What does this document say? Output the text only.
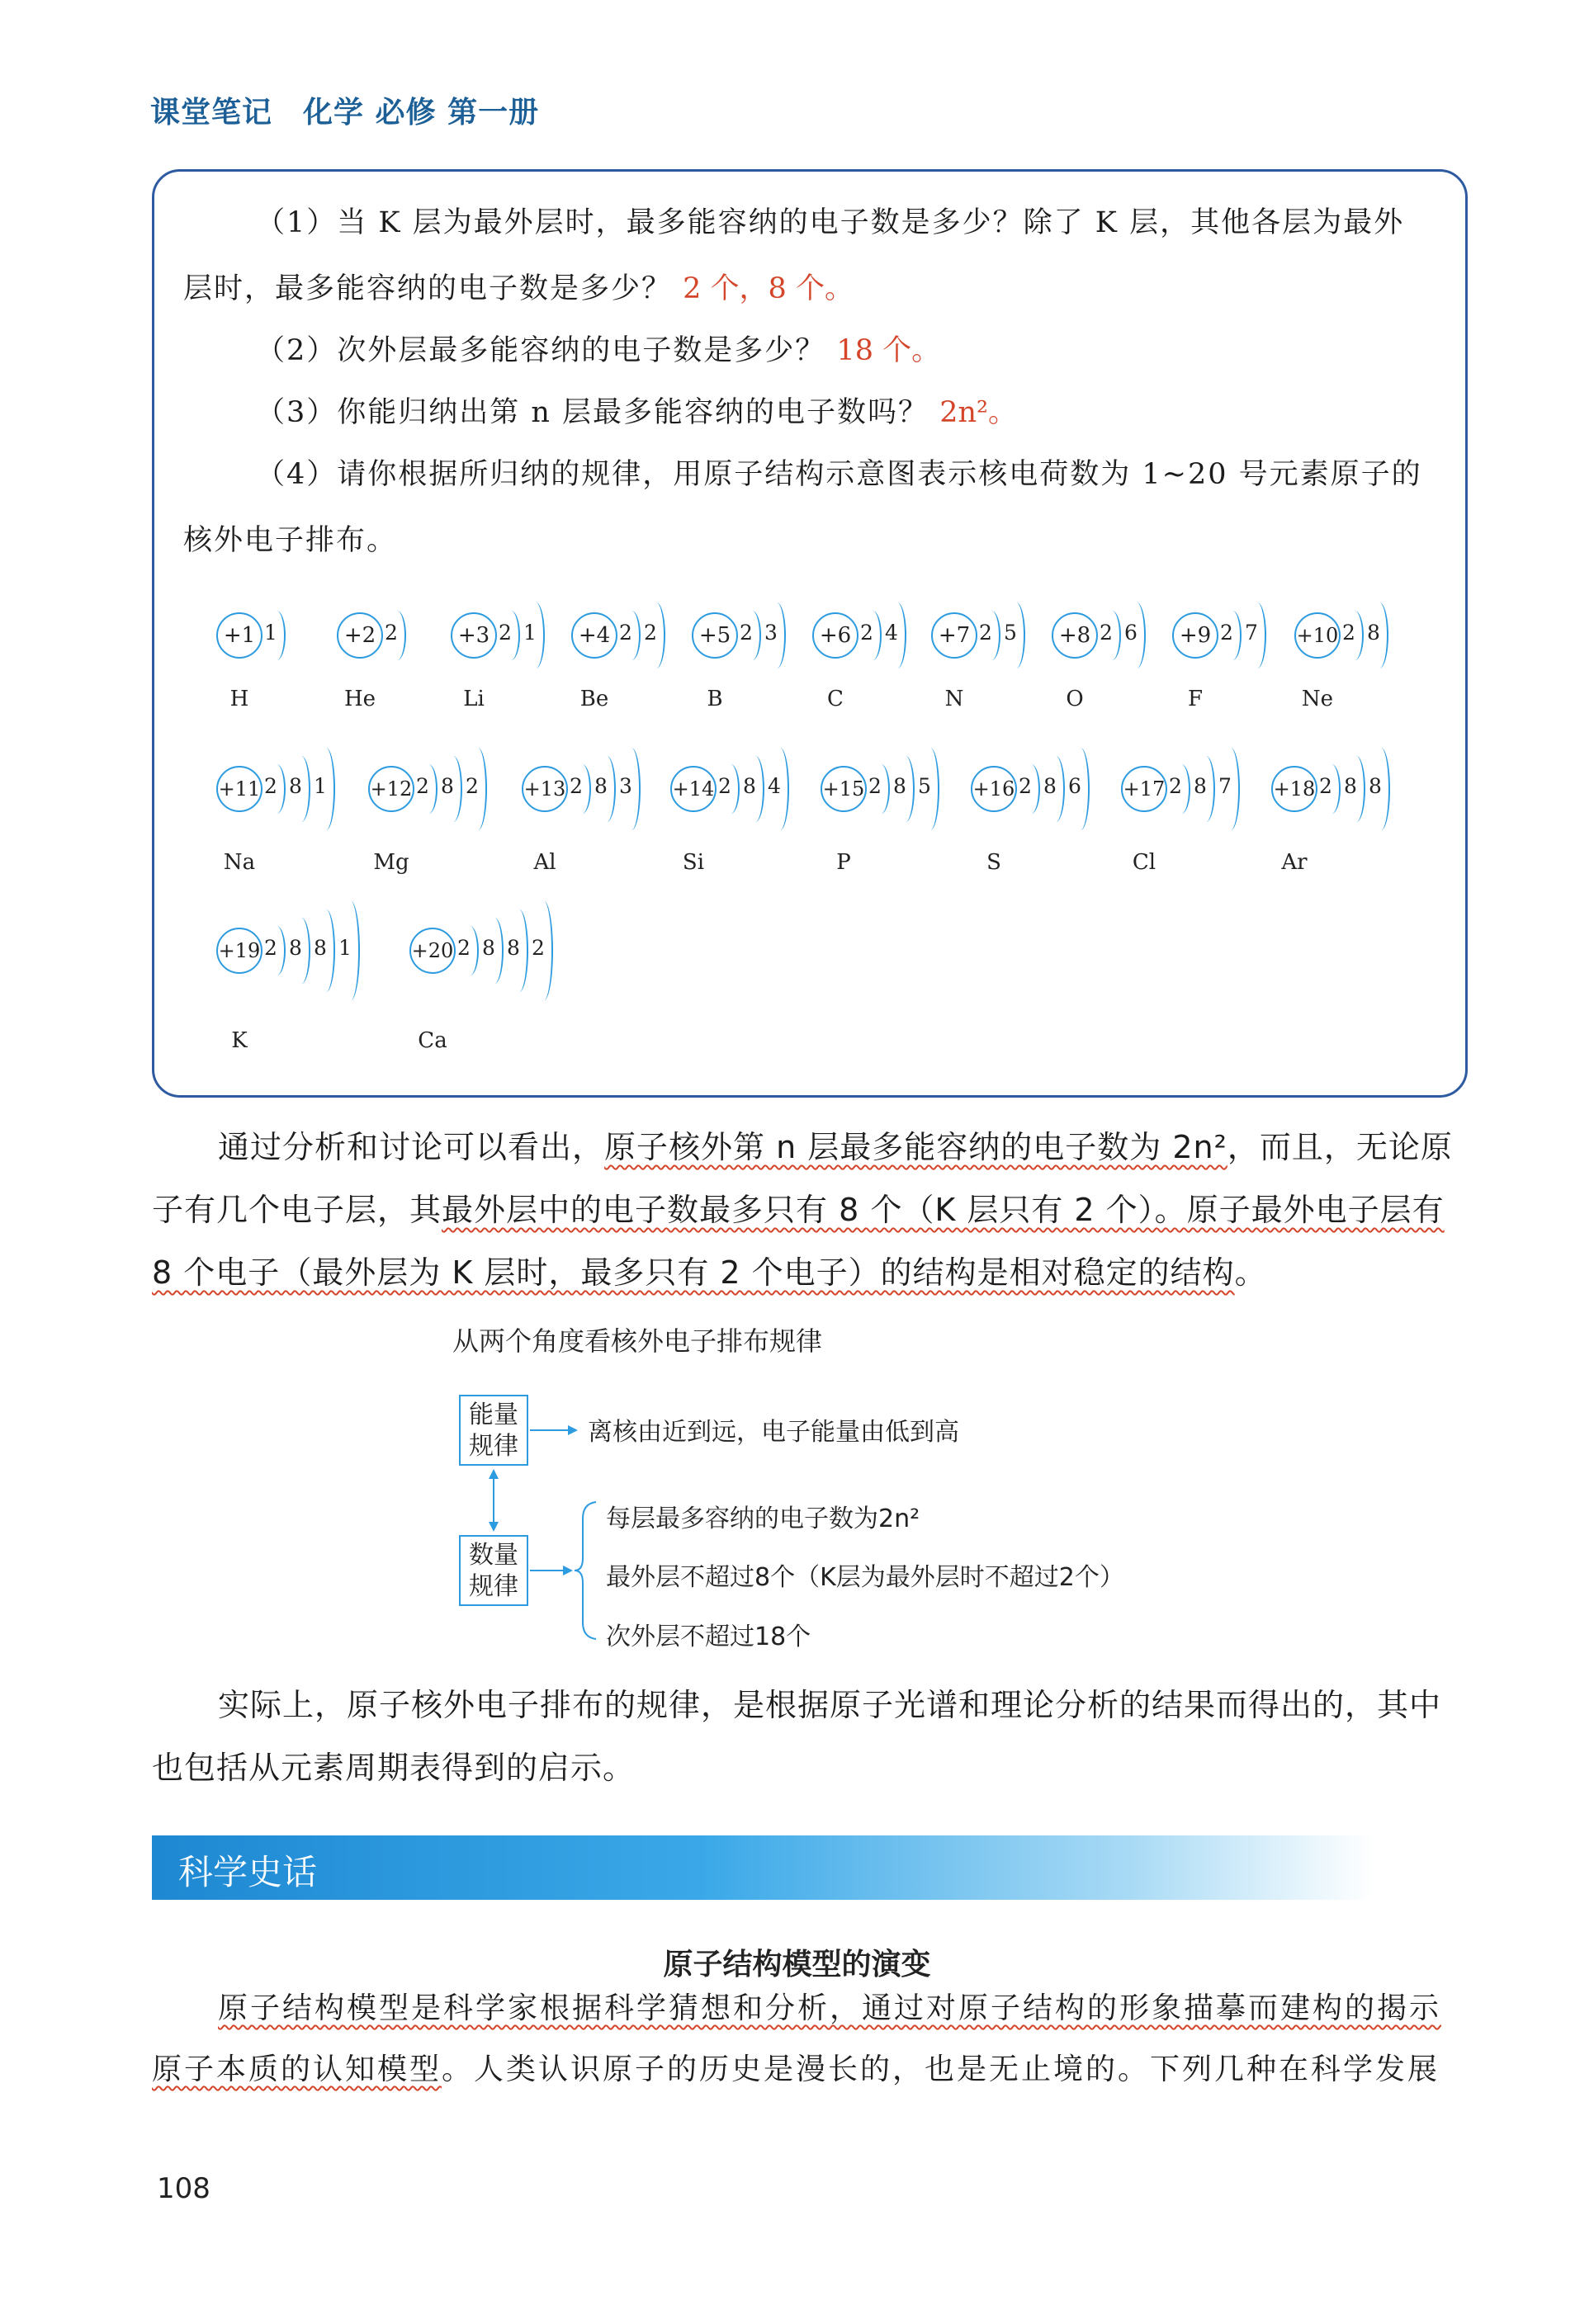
课堂笔记　化学 必修 第一册
（1）当 K 层为最外层时，最多能容纳的电子数是多少？除了 K 层，其他各层为最外
层时，最多能容纳的电子数是多少？ 2 个，8 个。
（2）次外层最多能容纳的电子数是多少？ 18 个。
（3）你能归纳出第 n 层最多能容纳的电子数吗？ 2n²。
（4）请你根据所归纳的规律，用原子结构示意图表示核电荷数为 1~20 号元素原子的
核外电子排布。
+1 1
H
+2 2
He
+3 2 1
Li
+4 2 2
Be
+5 2 3
B
+6 2 4
C
+7 2 5
N
+8 2 6
O
+9 2 7
F
+10 2 8
Ne
+11 2 8 1
Na
+12 2 8 2
Mg
+13 2 8 3
Al
+14 2 8 4
Si
+15 2 8 5
P
+16 2 8 6
S
+17 2 8 7
Cl
+18 2 8 8
Ar
+19 2 8 8 1
K
+20 2 8 8 2
Ca
通过分析和讨论可以看出，原子核外第 n 层最多能容纳的电子数为 2n²，而且，无论原
子有几个电子层，其最外层中的电子数最多只有 8 个（K 层只有 2 个）。原子最外电子层有
8 个电子（最外层为 K 层时，最多只有 2 个电子）的结构是相对稳定的结构。
从两个角度看核外电子排布规律
能量
规律	离核由近到远，电子能量由低到高
数量
规律
每层最多容纳的电子数为2n²
最外层不超过8个（K层为最外层时不超过2个）
次外层不超过18个
实际上，原子核外电子排布的规律，是根据原子光谱和理论分析的结果而得出的，其中
也包括从元素周期表得到的启示。
科学史话
原子结构模型的演变
原子结构模型是科学家根据科学猜想和分析，通过对原子结构的形象描摹而建构的揭示
原子本质的认知模型。人类认识原子的历史是漫长的，也是无止境的。下列几种在科学发展
108
